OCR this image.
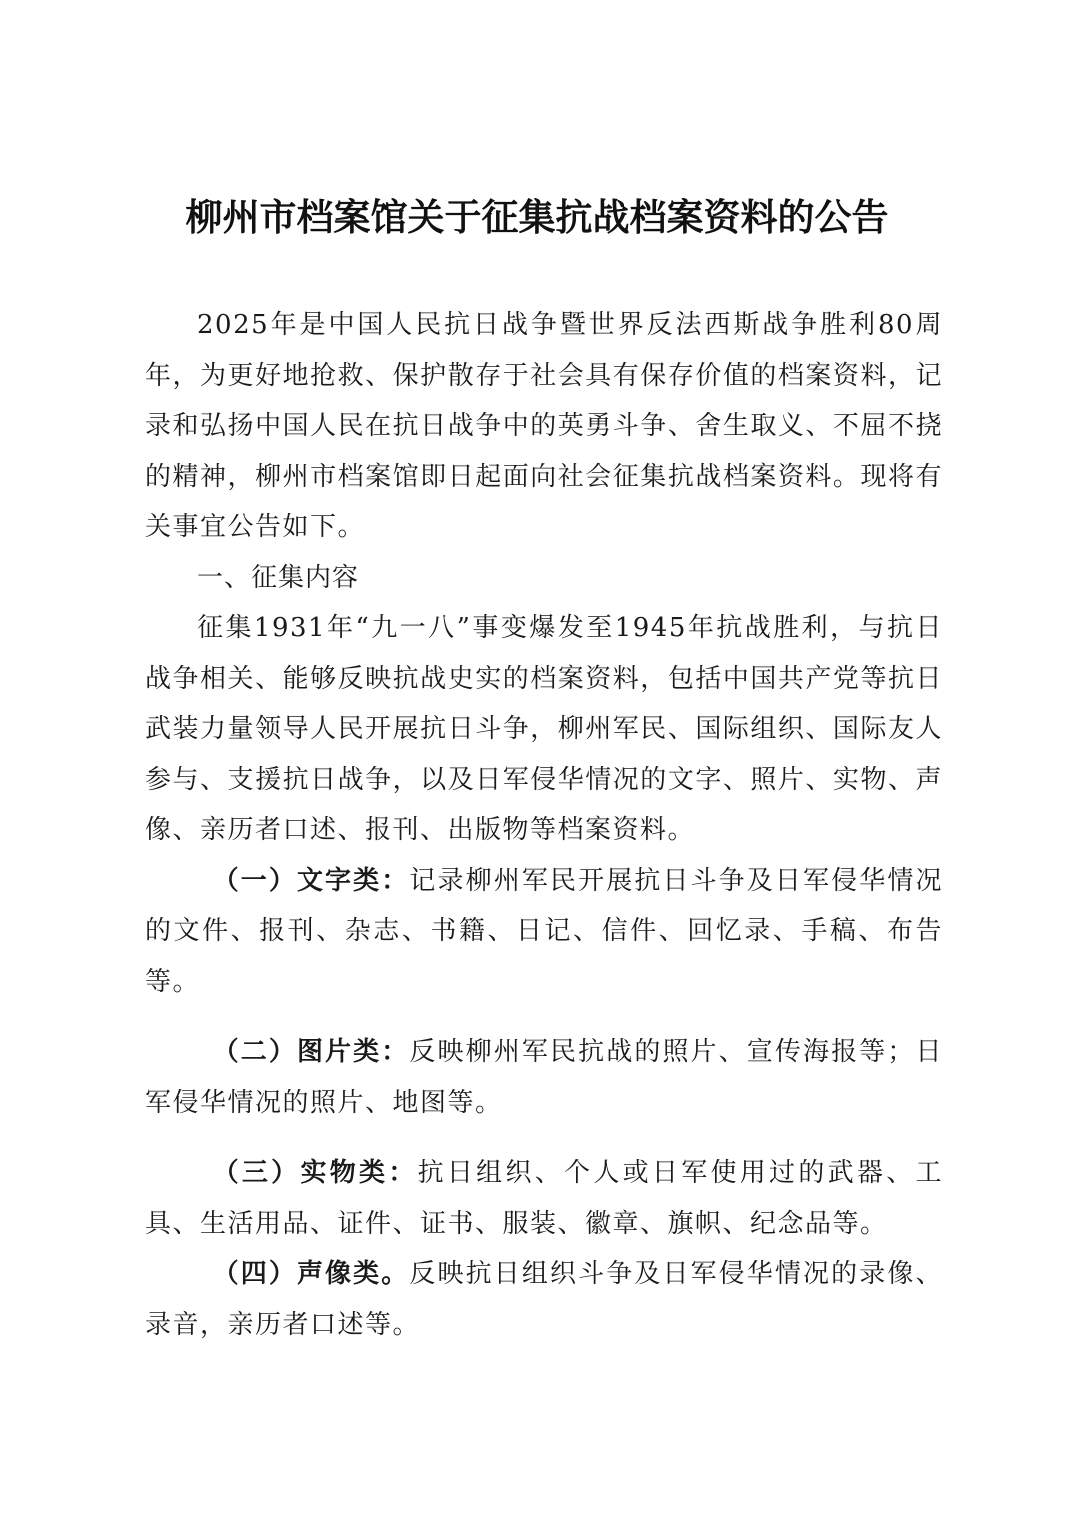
柳州市档案馆关于征集抗战档案资料的公告

2025年是中国人民抗日战争暨世界反法西斯战争胜利80周年，为更好地抢救、保护散存于社会具有保存价值的档案资料，记录和弘扬中国人民在抗日战争中的英勇斗争、舍生取义、不屈不挠的精神，柳州市档案馆即日起面向社会征集抗战档案资料。现将有关事宜公告如下。

一、征集内容

征集1931年“九一八”事变爆发至1945年抗战胜利，与抗日战争相关、能够反映抗战史实的档案资料，包括中国共产党等抗日武装力量领导人民开展抗日斗争，柳州军民、国际组织、国际友人参与、支援抗日战争，以及日军侵华情况的文字、照片、实物、声像、亲历者口述、报刊、出版物等档案资料。

（一）文字类：记录柳州军民开展抗日斗争及日军侵华情况的文件、报刊、杂志、书籍、日记、信件、回忆录、手稿、布告等。

（二）图片类：反映柳州军民抗战的照片、宣传海报等；日军侵华情况的照片、地图等。

（三）实物类：抗日组织、个人或日军使用过的武器、工具、生活用品、证件、证书、服装、徽章、旗帜、纪念品等。

（四）声像类。反映抗日组织斗争及日军侵华情况的录像、录音，亲历者口述等。
